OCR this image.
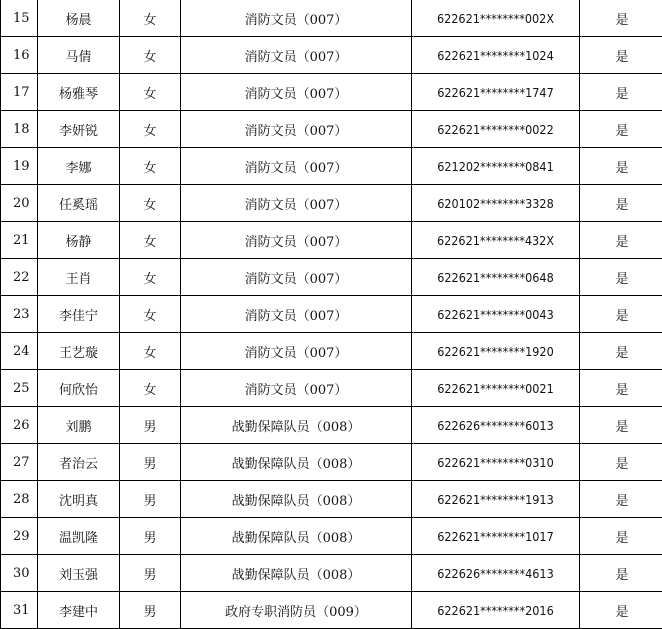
15	杨晨	女	消防文员（007）	622621********002X	是	
16	马倩	女	消防文员（007）	622621********1024	是	
17	杨雅琴	女	消防文员（007）	622621********1747	是	
18	李妍锐	女	消防文员（007）	622621********0022	是	
19	李娜	女	消防文员（007）	621202********0841	是	
20	任奚瑶	女	消防文员（007）	620102********3328	是	
21	杨静	女	消防文员（007）	622621********432X	是	
22	王肖	女	消防文员（007）	622621********0648	是	
23	李佳宁	女	消防文员（007）	622621********0043	是	
24	王艺璇	女	消防文员（007）	622621********1920	是	
25	何欣怡	女	消防文员（007）	622621********0021	是	
26	刘鹏	男	战勤保障队员（008）	622626********6013	是	
27	者治云	男	战勤保障队员（008）	622621********0310	是	
28	沈明真	男	战勤保障队员（008）	622621********1913	是	
29	温凯隆	男	战勤保障队员（008）	622621********1017	是	
30	刘玉强	男	战勤保障队员（008）	622626********4613	是	
31	李建中	男	政府专职消防员（009）	622621********2016	是	
